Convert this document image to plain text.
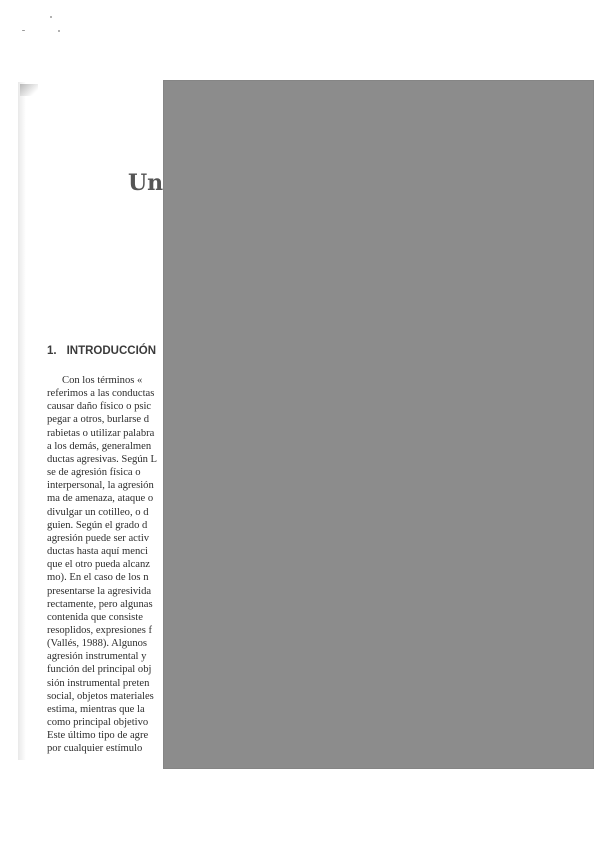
Un
1. INTRODUCCIÓN
Con los términos «
referimos a las conductas
causar daño físico o psic
pegar a otros, burlarse d
rabietas o utilizar palabra
a los demás, generalmen
ductas agresivas. Según L
se de agresión física o
interpersonal, la agresión
ma de amenaza, ataque o
divulgar un cotilleo, o d
guien. Según el grado d
agresión puede ser activ
ductas hasta aquí menci
que el otro pueda alcanz
mo). En el caso de los n
presentarse la agresivida
rectamente, pero algunas
contenida que consiste
resoplidos, expresiones f
(Vallés, 1988). Algunos
agresión instrumental y
función del principal obj
sión instrumental preten
social, objetos materiales
estima, mientras que la
como principal objetivo
Este último tipo de agre
por cualquier estímulo
